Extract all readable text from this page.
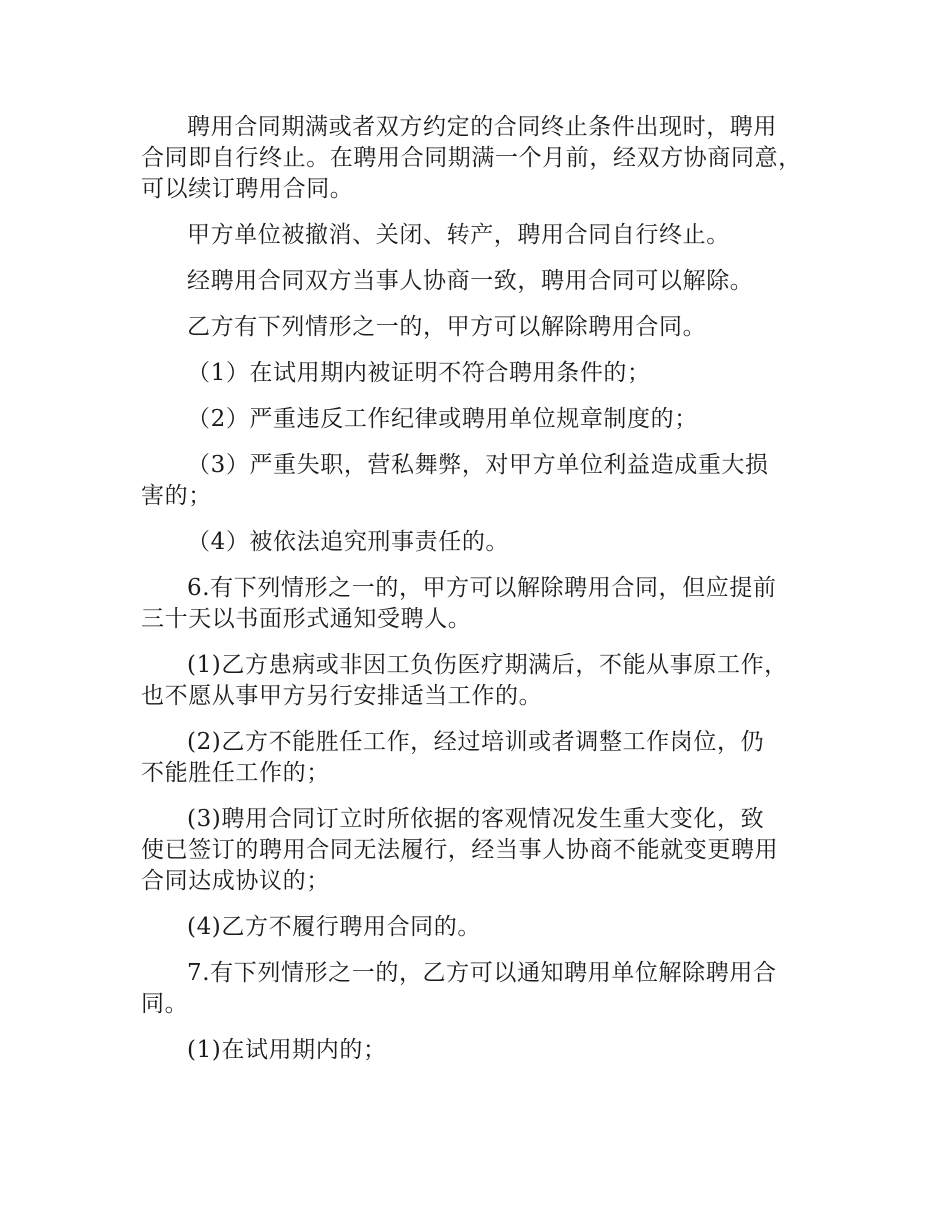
聘用合同期满或者双方约定的合同终止条件出现时，聘用
合同即自行终止。在聘用合同期满一个月前，经双方协商同意，
可以续订聘用合同。

甲方单位被撤消、关闭、转产，聘用合同自行终止。

经聘用合同双方当事人协商一致，聘用合同可以解除。

乙方有下列情形之一的，甲方可以解除聘用合同。

（1）在试用期内被证明不符合聘用条件的；

（2）严重违反工作纪律或聘用单位规章制度的；

（3）严重失职，营私舞弊，对甲方单位利益造成重大损
害的；

（4）被依法追究刑事责任的。

6.有下列情形之一的，甲方可以解除聘用合同，但应提前
三十天以书面形式通知受聘人。

(1)乙方患病或非因工负伤医疗期满后，不能从事原工作，
也不愿从事甲方另行安排适当工作的。

(2)乙方不能胜任工作，经过培训或者调整工作岗位，仍
不能胜任工作的；

(3)聘用合同订立时所依据的客观情况发生重大变化，致
使已签订的聘用合同无法履行，经当事人协商不能就变更聘用
合同达成协议的；

(4)乙方不履行聘用合同的。

7.有下列情形之一的，乙方可以通知聘用单位解除聘用合
同。

(1)在试用期内的；
